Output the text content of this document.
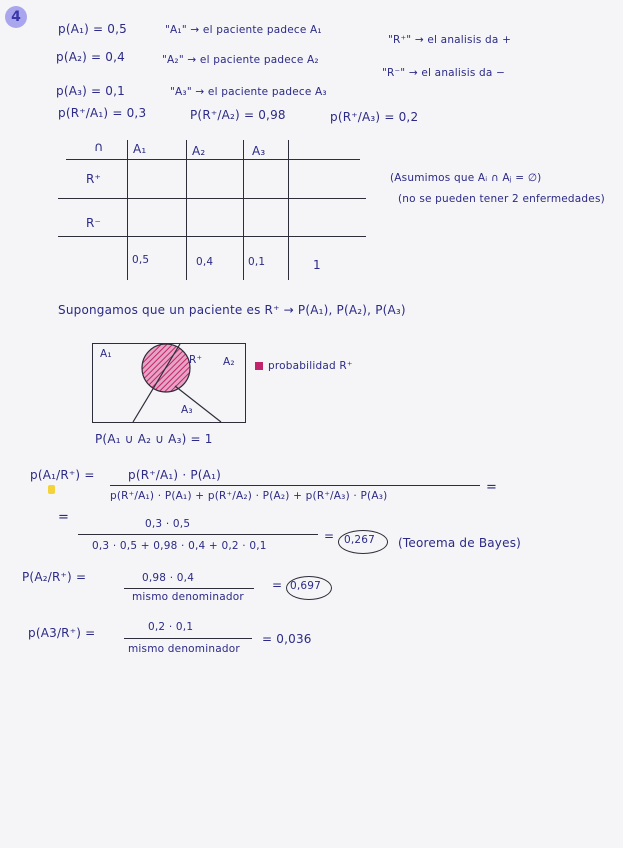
4
p(A₁) = 0,5
p(A₂) = 0,4
p(A₃) = 0,1
p(R⁺/A₁) = 0,3	P(R⁺/A₂) = 0,98	p(R⁺/A₃) = 0,2
"A₁" → el paciente padece A₁
"A₂" → el paciente padece A₂
"A₃" → el paciente padece A₃
"R⁺" → el analisis da +
"R⁻" → el analisis da −
∩ A₁	A₂	A₃
R⁺
R⁻
0,5	0,4	0,1	1
(Asumimos que Aᵢ ∩ Aⱼ = ∅)
(no se pueden tener 2 enfermedades)
Supongamos que un paciente es R⁺ → P(A₁), P(A₂), P(A₃)
A₁
A₂
A₃
R⁺	probabilidad R⁺
P(A₁ ∪ A₂ ∪ A₃) = 1
p(A₁/R⁺) =	p(R⁺/A₁) · P(A₁)
p(R⁺/A₁) · P(A₁) + p(R⁺/A₂) · P(A₂) + p(R⁺/A₃) · P(A₃)
=
=	0,3 · 0,5
0,3 · 0,5 + 0,98 · 0,4 + 0,2 · 0,1
= 0,267 (Teorema de Bayes)
P(A₂/R⁺) =	0,98 · 0,4
mismo denominador
= 0,697
p(A3/R⁺) =	0,2 · 0,1
mismo denominador
= 0,036
